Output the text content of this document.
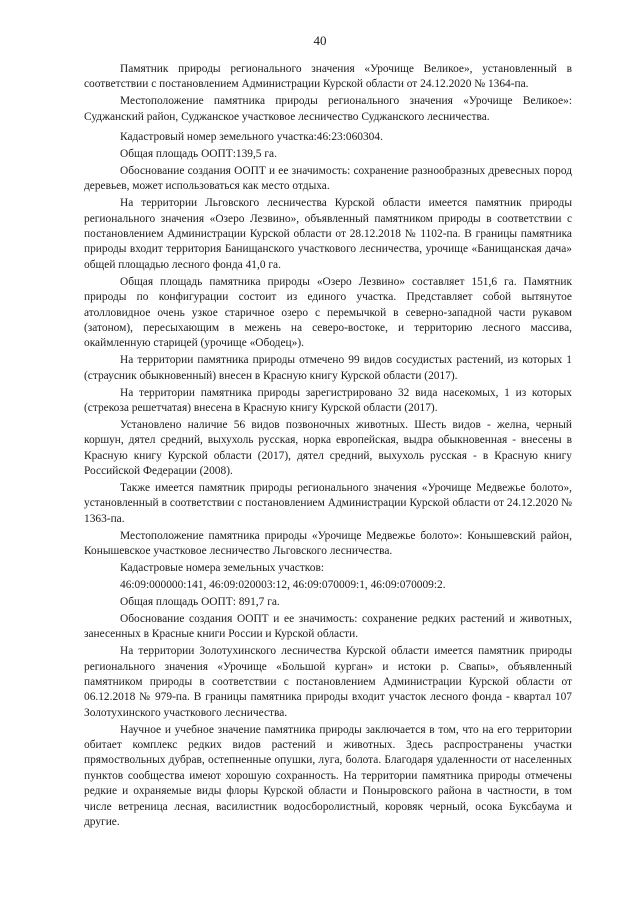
40

Памятник природы регионального значения «Урочище Великое», установленный в соответствии с постановлением Администрации Курской области от 24.12.2020 № 1364-па.

Местоположение памятника природы регионального значения «Урочище Великое»: Суджанский район, Суджанское участковое лесничество Суджанского лесничества.

Кадастровый номер земельного участка:46:23:060304.

Общая площадь ООПТ:139,5 га.

Обоснование создания ООПТ и ее значимость: сохранение разнообразных древесных пород деревьев, может использоваться как место отдыха.

На территории Льговского лесничества Курской области имеется памятник природы регионального значения «Озеро Лезвино», объявленный памятником природы в соответствии с постановлением Администрации Курской области от 28.12.2018 № 1102-па. В границы памятника природы входит территория Банищанского участкового лесничества, урочище «Банищанская дача» общей площадью лесного фонда 41,0 га.

Общая площадь памятника природы «Озеро Лезвино» составляет 151,6 га. Памятник природы по конфигурации состоит из единого участка. Представляет собой вытянутое атолловидное очень узкое старичное озеро с перемычкой в северно-западной части рукавом (затоном), пересыхающим в межень на северо-востоке, и территорию лесного массива, окаймленную старицей (урочище «Ободец»).

На территории памятника природы отмечено 99 видов сосудистых растений, из которых 1 (страусник обыкновенный) внесен в Красную книгу Курской области (2017).

На территории памятника природы зарегистрировано 32 вида насекомых, 1 из которых (стрекоза решетчатая) внесена в Красную книгу Курской области (2017).

Установлено наличие 56 видов позвоночных животных. Шесть видов - желна, черный коршун, дятел средний, выхухоль русская, норка европейская, выдра обыкновенная - внесены в Красную книгу Курской области (2017), дятел средний, выхухоль русская - в Красную книгу Российской Федерации (2008).

Также имеется памятник природы регионального значения «Урочище Медвежье болото», установленный в соответствии с постановлением Администрации Курской области от 24.12.2020 № 1363-па.

Местоположение памятника природы «Урочище Медвежье болото»: Конышевский район, Конышевское участковое лесничество Льговского лесничества.

Кадастровые номера земельных участков:

46:09:000000:141, 46:09:020003:12, 46:09:070009:1, 46:09:070009:2.

Общая площадь ООПТ: 891,7 га.

Обоснование создания ООПТ и ее значимость: сохранение редких растений и животных, занесенных в Красные книги России и Курской области.

На территории Золотухинского лесничества Курской области имеется памятник природы регионального значения «Урочище «Большой курган» и истоки р. Свапы», объявленный памятником природы в соответствии с постановлением Администрации Курской области от 06.12.2018 № 979-па. В границы памятника природы входит участок лесного фонда - квартал 107 Золотухинского участкового лесничества.

Научное и учебное значение памятника природы заключается в том, что на его территории обитает комплекс редких видов растений и животных. Здесь распространены участки прямоствольных дубрав, остепненные опушки, луга, болота. Благодаря удаленности от населенных пунктов сообщества имеют хорошую сохранность. На территории памятника природы отмечены редкие и охраняемые виды флоры Курской области и Поныровского района в частности, в том числе ветреница лесная, василистник водосборолистный, коровяк черный, осока Буксбаума и другие.
